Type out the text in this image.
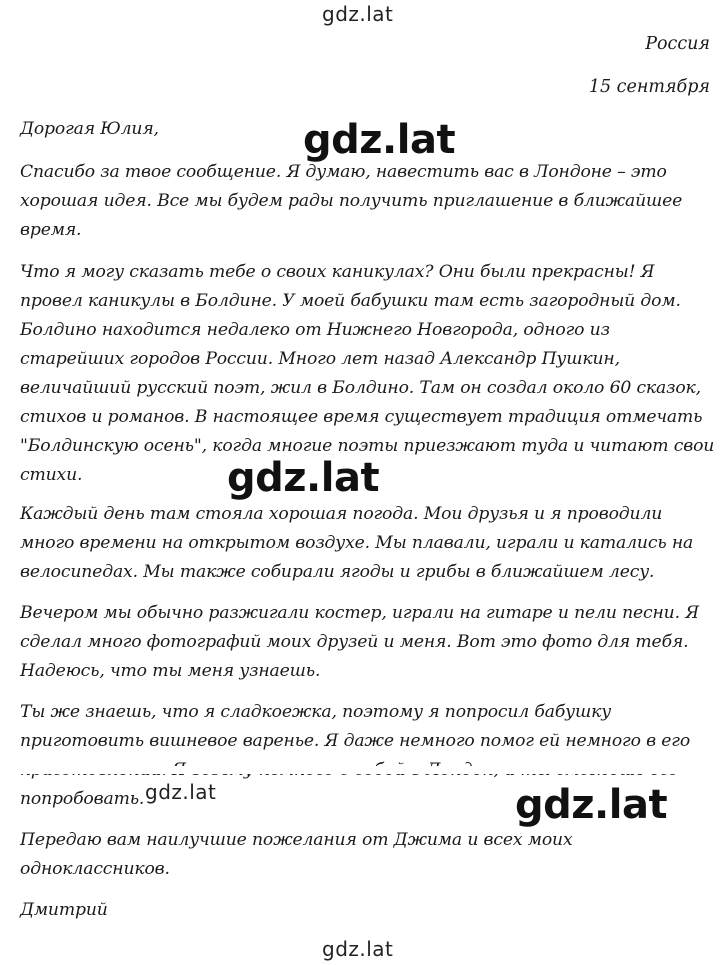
gdz.lat
Россия
15 сентября

Дорогая Юлия,	gdz.lat

Спасибо за твое сообщение. Я думаю, навестить вас в Лондоне – это хорошая идея. Все мы будем рады получить приглашение в ближайшее время.

Что я могу сказать тебе о своих каникулах? Они были прекрасны! Я провел каникулы в Болдине. У моей бабушки там есть загородный дом. Болдино находится недалеко от Нижнего Новгорода, одного из старейших городов России. Много лет назад Александр Пушкин, величайший русский поэт, жил в Болдино. Там он создал около 60 сказок, стихов и романов. В настоящее время существует традиция отмечать "Болдинскую осень", когда многие поэты приезжают туда и читают свои стихи.	gdz.lat

Каждый день там стояла хорошая погода. Мои друзья и я проводили много времени на открытом воздухе. Мы плавали, играли и катались на велосипедах. Мы также собирали ягоды и грибы в ближайшем лесу.

Вечером мы обычно разжигали костер, играли на гитаре и пели песни. Я сделал много фотографий моих друзей и меня. Вот это фото для тебя. Надеюсь, что ты меня узнаешь.

Ты же знаешь, что я сладкоежка, поэтому я попросил бабушку приготовить вишневое варенье. Я даже немного помог ей немного в его попробовать. gdz.lat	gdz.lat

Передаю вам наилучшие пожелания от Джима и всех моих одноклассников.

Дмитрий

gdz.lat
